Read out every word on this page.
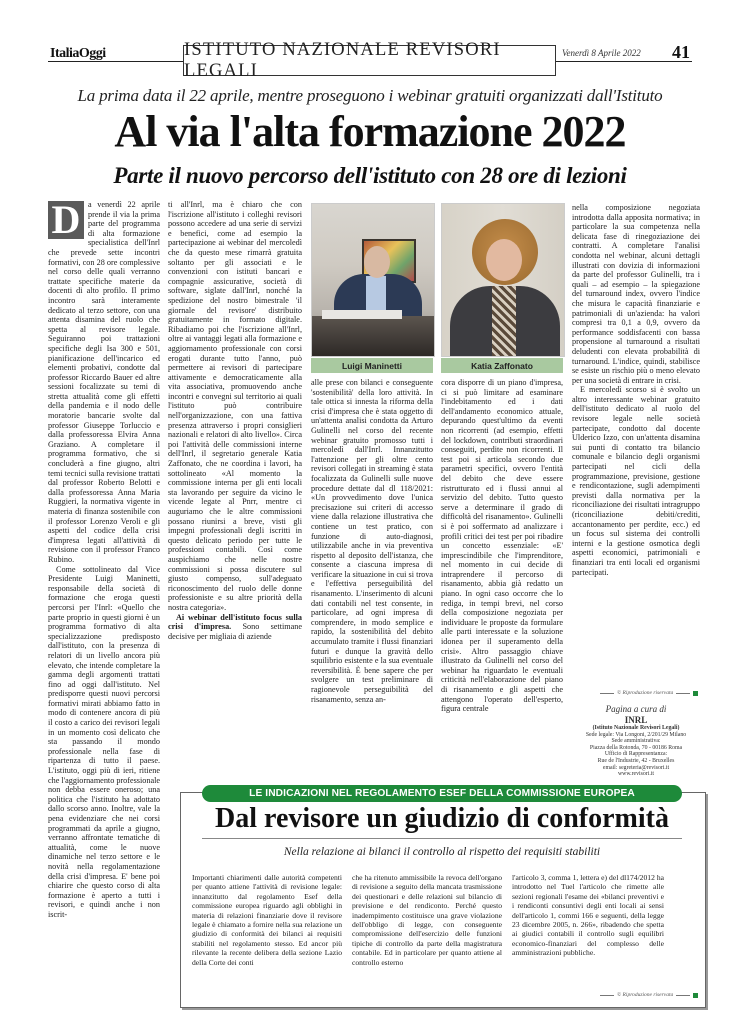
ItaliaOggi	ISTITUTO NAZIONALE REVISORI LEGALI
Venerdì 8 Aprile 2022 41
La prima data il 22 aprile, mentre proseguono i webinar gratuiti organizzati dall'Istituto
Al via l'alta formazione 2022
Parte il nuovo percorso dell'istituto con 28 ore di lezioni
D a venerdì 22 aprile prende il via la prima parte del programma di alta formazione specialistica dell'Inrl che prevede sette incontri formativi, con 28 ore complessive nel corso delle quali verranno trattate specifiche materie da docenti di alto profilo. Il primo incontro sarà interamente dedicato al terzo settore, con una attenta disamina del ruolo che spetta al revisore legale. Seguiranno poi trattazioni specifiche degli Isa 300 e 501, pianificazione dell'incarico ed elementi probativi, condotte dal professor Riccardo Bauer ed altre sessioni focalizzate su temi di stretta attualità come gli effetti della pandemia e il nodo delle moratorie bancarie svolte dal professor Giuseppe Torluccio e dalla professoressa Elvira Anna Graziano. A completare il programma formativo, che si concluderà a fine giugno, altri temi tecnici sulla revisione trattati dal professor Roberto Belotti e dalla professoressa Anna Maria Ruggieri, la normativa vigente in materia di finanza sostenibile con il professor Lorenzo Veroli e gli aspetti del codice della crisi d'impresa legati all'attività di revisione con il professor Franco Rubino.

Come sottolineato dal Vice Presidente Luigi Maninetti, responsabile della società di formazione che eroga questi percorsi per l'Inrl: «Quello che parte proprio in questi giorni è un programma formativo di alta specializzazione predisposto dall'istituto, con la presenza di relatori di un livello ancora più elevato, che intende completare la gamma degli argomenti trattati fino ad oggi dall'istituto. Nel predisporre questi nuovi percorsi formativi mirati abbiamo fatto in modo di contenere ancora di più il costo a carico dei revisori legali in un momento così delicato che sta passando il mondo professionale nella fase di ripartenza di tutto il paese. L'istituto, oggi più di ieri, ritiene che l'aggiornamento professionale non debba essere oneroso; una politica che l'istituto ha adottato dallo scorso anno. Inoltre, vale la pena evidenziare che nei corsi programmati da aprile a giugno, verranno affrontate tematiche di attualità, come le nuove dinamiche nel terzo settore e le novità nella regolamentazione della crisi d'impresa. E' bene poi chiarire che questo corso di alta formazione è aperto a tutti i revisori, e quindi anche i non iscrit-

ti all'Inrl, ma è chiaro che con l'iscrizione all'istituto i colleghi revisori possono accedere ad una serie di servizi e benefici, come ad esempio la partecipazione ai webinar del mercoledì che da questo mese rimarrà gratuita soltanto per gli associati e le convenzioni con istituti bancari e compagnie assicurative, società di software, siglate dall'Inrl, nonché la spedizione del nostro bimestrale 'il giornale del revisore' distribuito gratuitamente in formato digitale. Ribadiamo poi che l'iscrizione all'Inrl, oltre ai vantaggi legati alla formazione e aggiornamento professionale con corsi erogati durante tutto l'anno, può permettere ai revisori di partecipare attivamente e democraticamente alla vita associativa, promuovendo anche incontri e convegni sul territorio ai quali l'istituto può contribuire nell'organizzazione, con una fattiva presenza attraverso i propri consiglieri nazionali e relatori di alto livello». Circa poi l'attività delle commissioni interne dell'Inrl, il segretario generale Katia Zaffonato, che ne coordina i lavori, ha sottolineato «Al momento la commissione interna per gli enti locali sta lavorando per seguire da vicino le vicende legate al Pnrr, mentre ci auguriamo che le altre commissioni possano riunirsi a breve, visti gli impegni professionali degli iscritti in questo delicato periodo per tutte le professioni contabili. Così come auspichiamo che nelle nostre commissioni si possa discutere sul giusto compenso, sull'adeguato riconoscimento del ruolo delle donne professioniste e su altre priorità della nostra categoria».

Ai webinar dell'istituto focus sulla crisi d'impresa. Sono settimane decisive per migliaia di aziende

Luigi Maninetti	Katia Zaffonato

alle prese con bilanci e conseguente 'sostenibilità' della loro attività. In tale ottica si innesta la riforma della crisi d'impresa che è stata oggetto di un'attenta analisi condotta da Arturo Gulinelli nel corso del recente webinar gratuito promosso tutti i mercoledì dall'Inrl. Innanzitutto l'attenzione per gli oltre cento revisori collegati in streaming è stata focalizzata da Gulinelli sulle nuove procedure dettate dal dl 118/2021: «Un provvedimento dove l'unica precisazione sui criteri di accesso viene dalla relazione illustrativa che contiene un test pratico, con funzione di auto-diagnosi, utilizzabile anche in via preventiva rispetto al deposito dell'istanza, che consente a ciascuna impresa di verificare la situazione in cui si trova e l'effettiva perseguibilità del risanamento. L'inserimento di alcuni dati contabili nel test consente, in particolare, ad ogni impresa di comprendere, in modo semplice e rapido, la sostenibilità del debito accumulato tramite i flussi finanziari futuri e dunque la gravità dello squilibrio esistente e la sua eventuale reversibilità. È bene sapere che per svolgere un test preliminare di ragionevole perseguibilità del risanamento, senza an-

cora disporre di un piano d'impresa, ci si può limitare ad esaminare l'indebitamento ed i dati dell'andamento economico attuale, depurando quest'ultimo da eventi non ricorrenti (ad esempio, effetti del lockdown, contributi straordinari conseguiti, perdite non ricorrenti. Il test poi si articola secondo due parametri specifici, ovvero l'entità del debito che deve essere ristrutturato ed i flussi annui al servizio del debito. Tutto questo serve a determinare il grado di difficoltà del risanamento». Gulinelli si è poi soffermato ad analizzare i profili critici dei test per poi ribadire un concetto essenziale: «E' imprescindibile che l'imprenditore, nel momento in cui decide di intraprendere il percorso di risanamento, abbia già redatto un piano. In ogni caso occorre che lo rediga, in tempi brevi, nel corso della composizione negoziata per individuare le proposte da formulare alle parti interessate e la soluzione idonea per il superamento della crisi». Altro passaggio chiave illustrato da Gulinelli nel corso del webinar ha riguardato le eventuali criticità nell'elaborazione del piano di risanamento e gli aspetti che attengono l'operato dell'esperto, figura centrale

nella composizione negoziata introdotta dalla apposita normativa; in particolare la sua competenza nella delicata fase di rinegoziazione dei contratti. A completare l'analisi condotta nel webinar, alcuni dettagli illustrati con dovizia di informazioni da parte del professor Gulinelli, tra i quali – ad esempio – la spiegazione del turnaround index, ovvero l'indice che misura le capacità finanziarie e patrimoniali di un'azienda: ha valori compresi tra 0,1 a 0,9, ovvero da performance soddisfacenti con bassa propensione al turnaround a risultati deludenti con elevata probabilità di turnaround. L'indice, quindi, stabilisce se esiste un rischio più o meno elevato per una società di entrare in crisi.

E mercoledì scorso si è svolto un altro interessante webinar gratuito dell'istituto dedicato al ruolo del revisore legale nelle società partecipate, condotto dal docente Ulderico Izzo, con un'attenta disamina sui punti di contatto tra bilancio comunale e bilancio degli organismi partecipati nel cicli della programmazione, previsione, gestione e rendicontazione, sugli adempimenti previsti dalla normativa per la riconciliazione dei risultati intragruppo (riconciliazione debiti/crediti, accantonamento per perdite, ecc.) ed un focus sul sistema dei controlli interni e la gestione osmotica degli aspetti economici, patrimoniali e finanziari tra enti locali ed organismi partecipati.

© Riproduzione riservata
Pagina a cura di
INRL
(Istituto Nazionale Revisori Legali)
Sede legale: Via Longoni, 2/201/29 Milano
Sede amministrativa:
Piazza della Rotonda, 70 - 00186 Roma
Ufficio di Rappresentanza:
Rue de l'Industrie, 42 - Bruxelles
email: segreteria@revisori.it
www.revisori.it
LE INDICAZIONI NEL REGOLAMENTO ESEF DELLA COMMISSIONE EUROPEA
Dal revisore un giudizio di conformità
Nella relazione ai bilanci il controllo al rispetto dei requisiti stabiliti

Importanti chiarimenti dalle autorità competenti per quanto attiene l'attività di revisione legale: innanzitutto dal regolamento Esef della commissione europea riguardo agli obblighi in materia di relazioni finanziarie dove il revisore legale è chiamato a fornire nella sua relazione un giudizio di conformità dei bilanci ai requisiti stabiliti nel regolamento stesso. Ed ancor più rilevante la recente delibera della sezione Lazio della Corte dei conti

che ha ritenuto ammissibile la revoca dell'organo di revisione a seguito della mancata trasmissione dei questionari e delle relazioni sul bilancio di previsione e del rendiconto. Perché questo inadempimento costituisce una grave violazione dell'obbligo di legge, con conseguente compromissione dell'esercizio delle funzioni tipiche di controllo da parte della magistratura contabile. Ed in particolare per quanto attiene al controllo esterno

l'articolo 3, comma 1, lettera e) del dl174/2012 ha introdotto nel Tuel l'articolo che rimette alle sezioni regionali l'esame dei «bilanci preventivi e i rendiconti consuntivi degli enti locali ai sensi dell'articolo 1, commi 166 e seguenti, della legge 23 dicembre 2005, n. 266», ribadendo che spetta ai giudici contabili il controllo sugli equilibri economico-finanziari del complesso delle amministrazioni pubbliche.

© Riproduzione riservata
